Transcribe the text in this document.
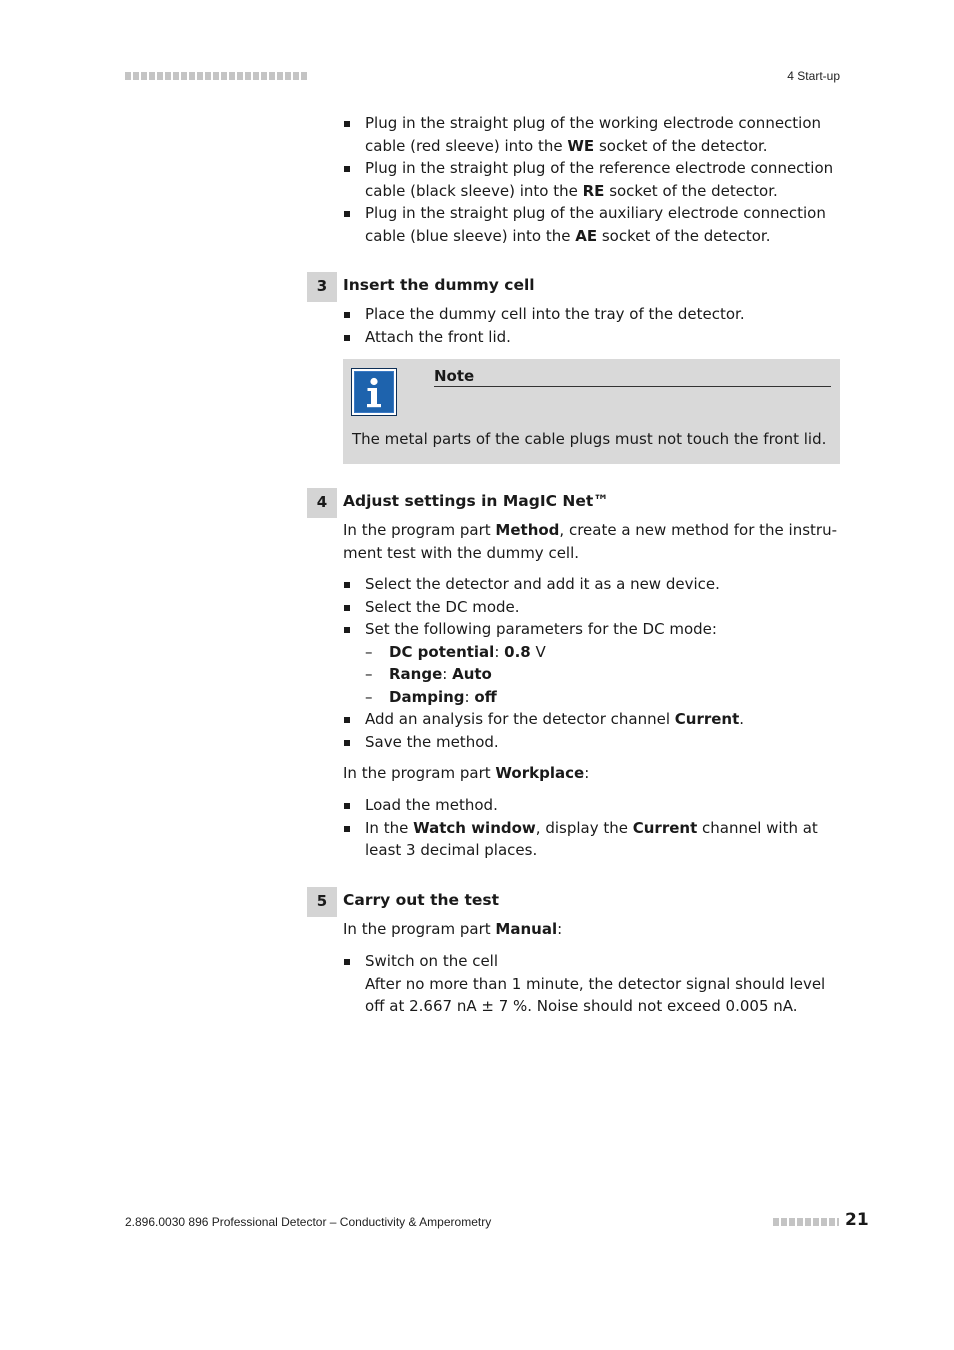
4 Start-up
Plug in the straight plug of the working electrode connection cable (red sleeve) into the WE socket of the detector.
Plug in the straight plug of the reference electrode connection cable (black sleeve) into the RE socket of the detector.
Plug in the straight plug of the auxiliary electrode connection cable (blue sleeve) into the AE socket of the detector.
3	Insert the dummy cell
Place the dummy cell into the tray of the detector.
Attach the front lid.
Note
The metal parts of the cable plugs must not touch the front lid.
4	Adjust settings in MagIC Net™
In the program part Method, create a new method for the instru-ment test with the dummy cell.
Select the detector and add it as a new device.
Select the DC mode.
Set the following parameters for the DC mode:
– DC potential: 0.8 V
– Range: Auto
– Damping: off
Add an analysis for the detector channel Current.
Save the method.
In the program part Workplace:
Load the method.
In the Watch window, display the Current channel with at least 3 decimal places.
5	Carry out the test
In the program part Manual:
Switch on the cell
After no more than 1 minute, the detector signal should level off at 2.667 nA ± 7 %. Noise should not exceed 0.005 nA.
2.896.0030 896 Professional Detector – Conductivity & Amperometry	21
